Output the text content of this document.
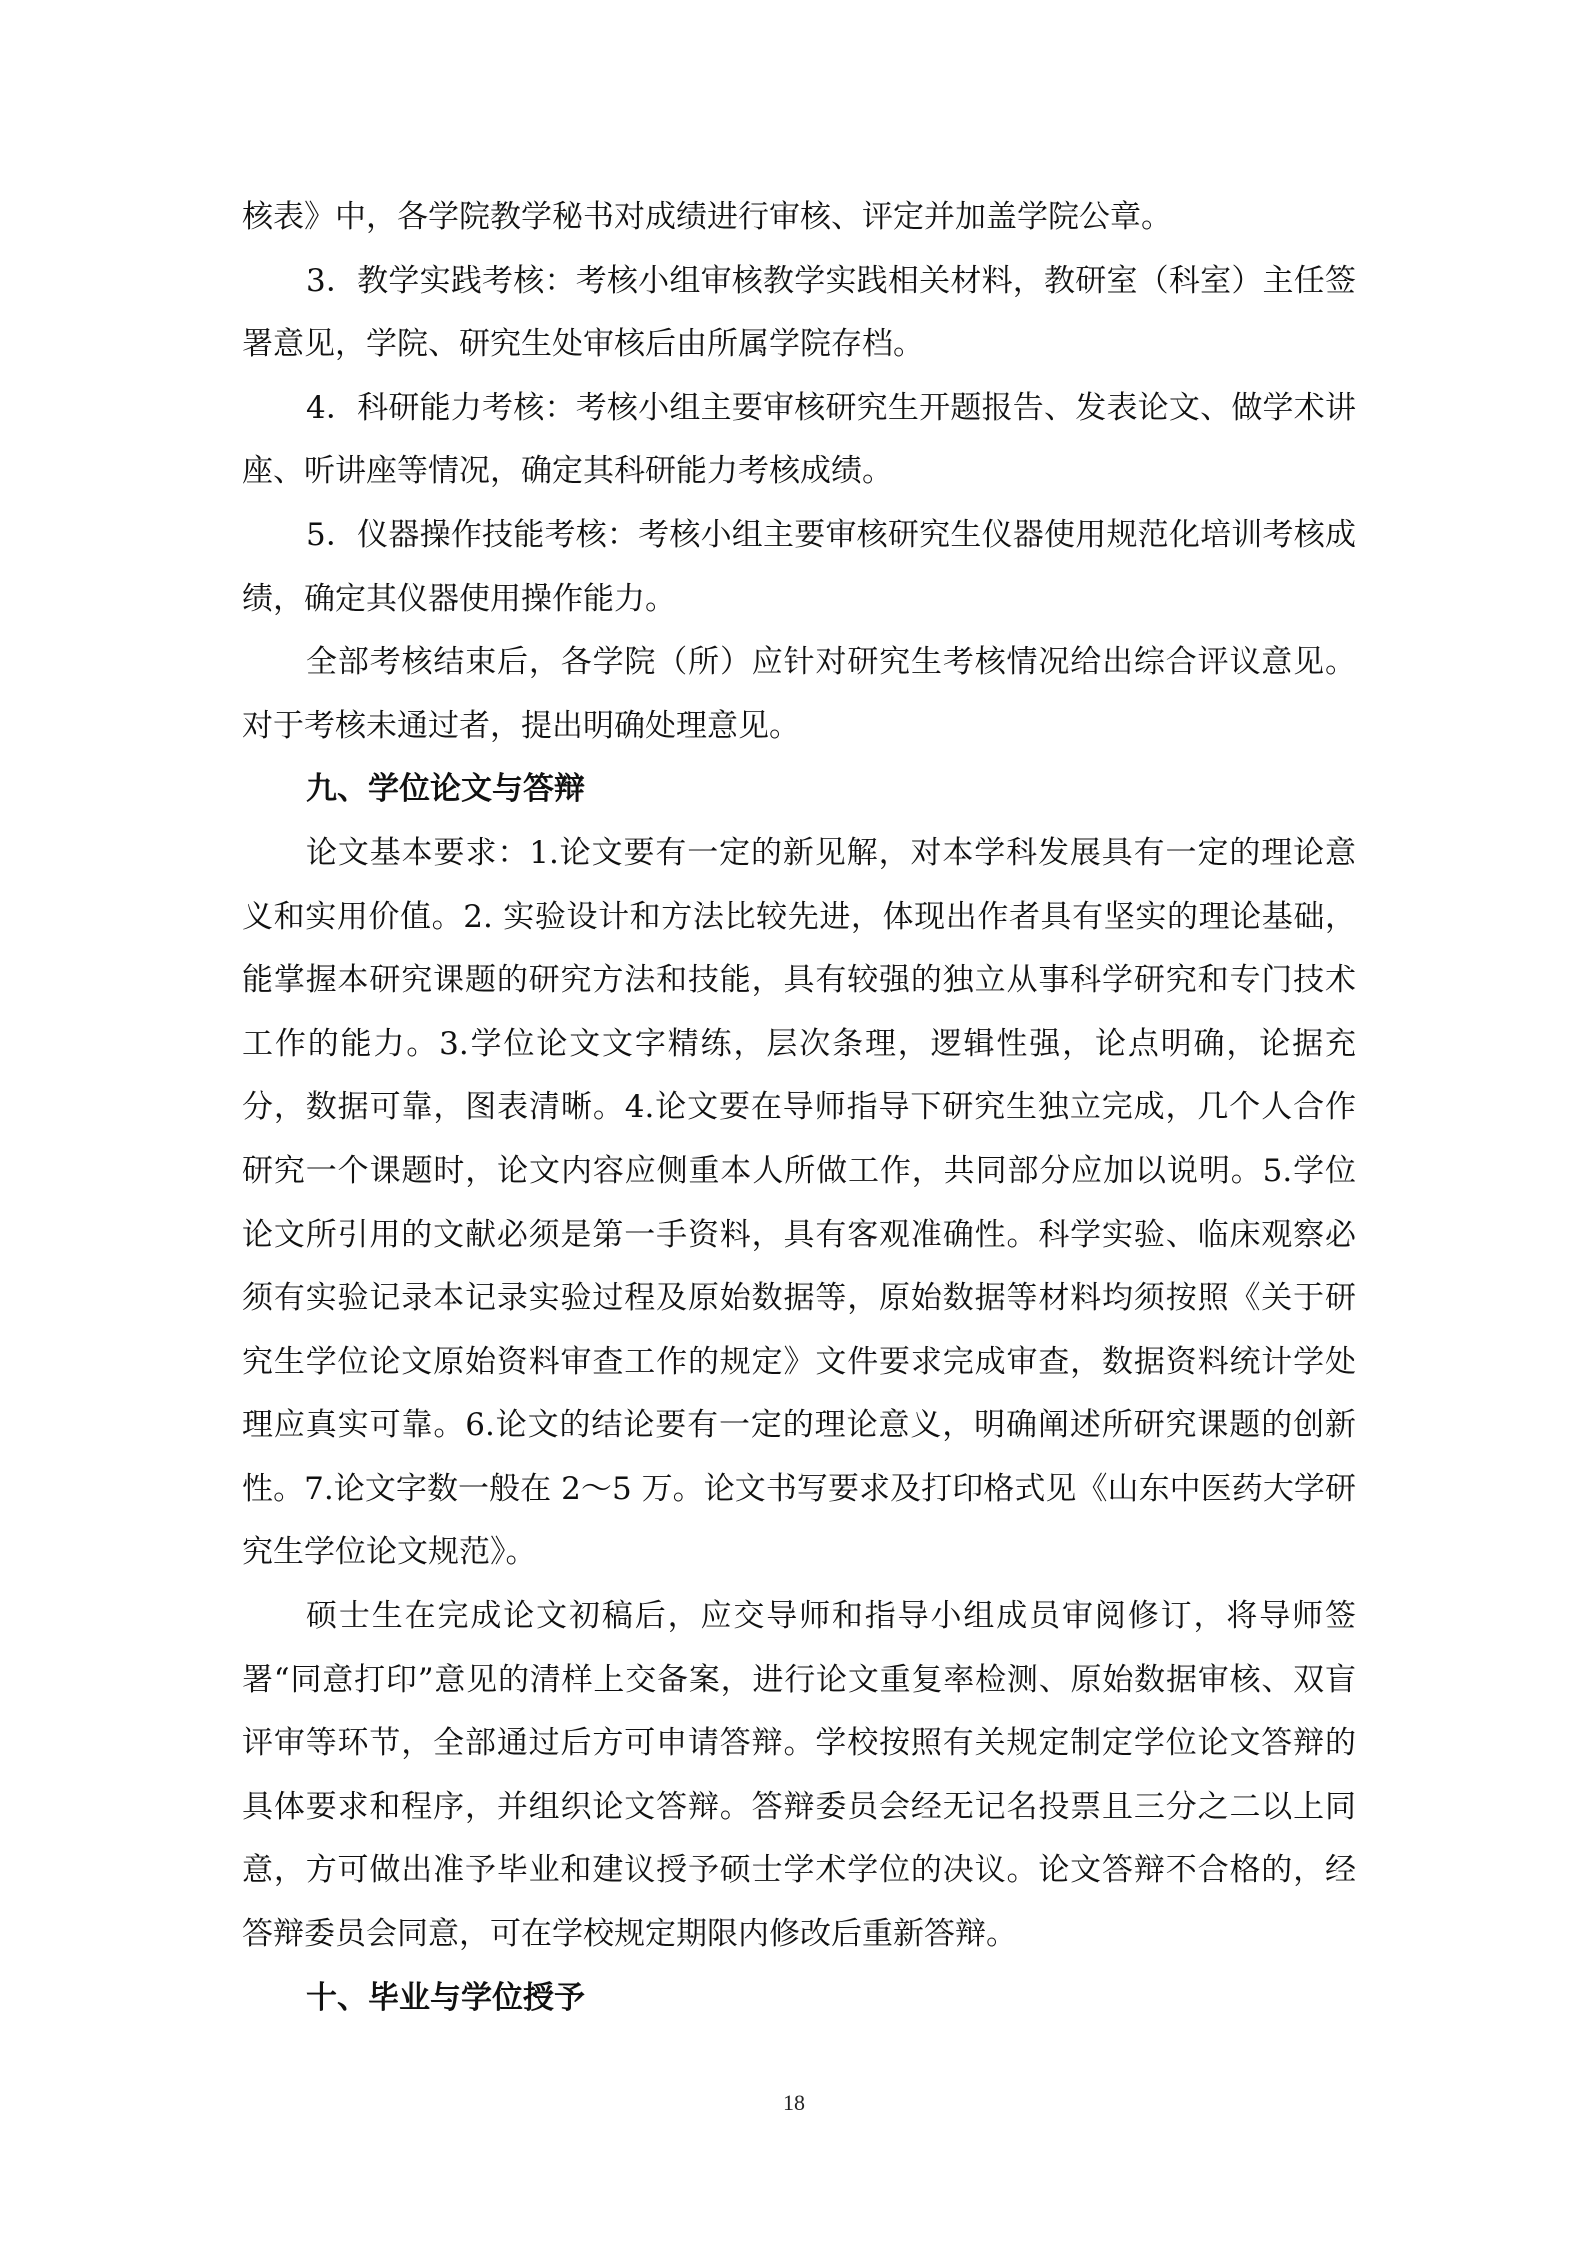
核表》中，各学院教学秘书对成绩进行审核、评定并加盖学院公章。

3．教学实践考核：考核小组审核教学实践相关材料，教研室（科室）主任签署意见，学院、研究生处审核后由所属学院存档。

4．科研能力考核：考核小组主要审核研究生开题报告、发表论文、做学术讲座、听讲座等情况，确定其科研能力考核成绩。

5．仪器操作技能考核：考核小组主要审核研究生仪器使用规范化培训考核成绩，确定其仪器使用操作能力。

全部考核结束后，各学院（所）应针对研究生考核情况给出综合评议意见。对于考核未通过者，提出明确处理意见。

九、学位论文与答辩

论文基本要求：1.论文要有一定的新见解，对本学科发展具有一定的理论意义和实用价值。2. 实验设计和方法比较先进，体现出作者具有坚实的理论基础，能掌握本研究课题的研究方法和技能，具有较强的独立从事科学研究和专门技术工作的能力。3.学位论文文字精练，层次条理，逻辑性强，论点明确，论据充分，数据可靠，图表清晰。4.论文要在导师指导下研究生独立完成，几个人合作研究一个课题时，论文内容应侧重本人所做工作，共同部分应加以说明。5.学位论文所引用的文献必须是第一手资料，具有客观准确性。科学实验、临床观察必须有实验记录本记录实验过程及原始数据等，原始数据等材料均须按照《关于研究生学位论文原始资料审查工作的规定》文件要求完成审查，数据资料统计学处理应真实可靠。6.论文的结论要有一定的理论意义，明确阐述所研究课题的创新性。7.论文字数一般在 2～5 万。论文书写要求及打印格式见《山东中医药大学研究生学位论文规范》。

硕士生在完成论文初稿后，应交导师和指导小组成员审阅修订，将导师签署“同意打印”意见的清样上交备案，进行论文重复率检测、原始数据审核、双盲评审等环节，全部通过后方可申请答辩。学校按照有关规定制定学位论文答辩的具体要求和程序，并组织论文答辩。答辩委员会经无记名投票且三分之二以上同意，方可做出准予毕业和建议授予硕士学术学位的决议。论文答辩不合格的，经答辩委员会同意，可在学校规定期限内修改后重新答辩。

十、毕业与学位授予

18
